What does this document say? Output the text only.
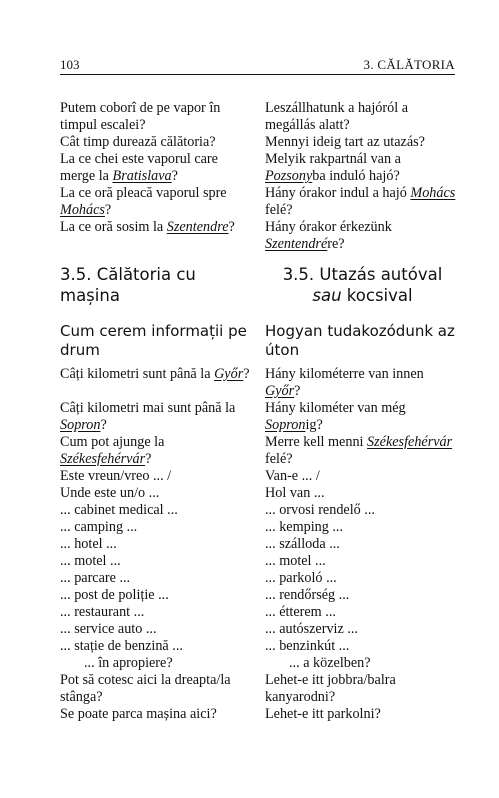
103	3. CĂLĂTORIA
Putem coborî de pe vapor în
timpul escalei?
Cât timp durează călătoria?
La ce chei este vaporul care
merge la Bratislava?
La ce oră pleacă vaporul spre
Mohács?
La ce oră sosim la Szentendre?
Leszállhatunk a hajóról a
megállás alatt?
Mennyi ideig tart az utazás?
Melyik rakpartnál van a
Pozsonyba induló hajó?
Hány órakor indul a hajó Mohács
felé?
Hány órakor érkezünk
Szentendrére?
3.5. Călătoria cu mașina
3.5. Utazás autóval
sau kocsival
Cum cerem informații pe
drum
Hogyan tudakozódunk az
úton
Câți kilometri sunt până la Győr?

Câți kilometri mai sunt până la
Sopron?
Cum pot ajunge la
Székesfehérvár?
Este vreun/vreo ... /
Unde este un/o ...
... cabinet medical ...
... camping ...
... hotel ...
... motel ...
... parcare ...
... post de poliție ...
... restaurant ...
... service auto ...
... stație de benzină ...
... în apropiere?
Pot să cotesc aici la dreapta/la
stânga?
Se poate parca mașina aici?
Hány kilométerre van innen
Győr?
Hány kilométer van még
Sopronig?
Merre kell menni Székesfehérvár
felé?
Van-e ... /
Hol van ...
... orvosi rendelő ...
... kemping ...
... szálloda ...
... motel ...
... parkoló ...
... rendőrség ...
... étterem ...
... autószerviz ...
... benzinkút ...
... a közelben?
Lehet-e itt jobbra/balra
kanyarodni?
Lehet-e itt parkolni?
